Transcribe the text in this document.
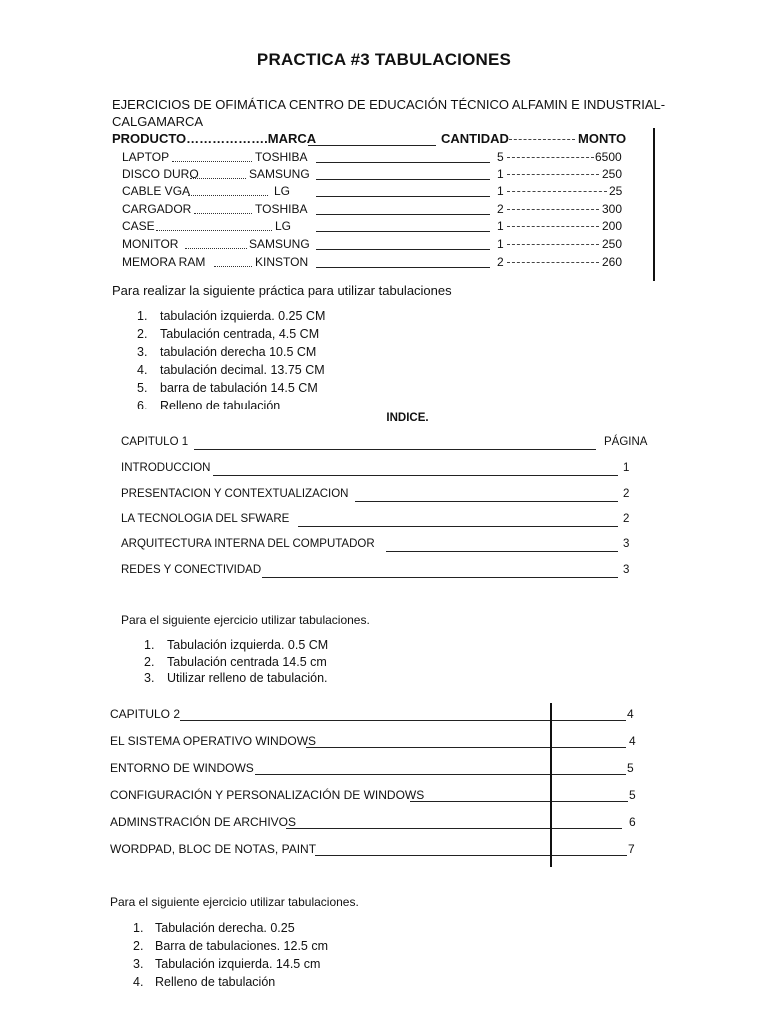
PRACTICA #3 TABULACIONES
EJERCICIOS DE OFIMÁTICA CENTRO DE EDUCACIÓN TÉCNICO ALFAMIN E INDUSTRIAL-
CALGAMARCA
PRODUCTO……………….MARCA	CANTIDAD	MONTO
LAPTOP	TOSHIBA	5	6500
DISCO DURO	SAMSUNG	1	250
CABLE VGA	LG	1	25
CARGADOR	TOSHIBA	2	300
CASE	LG	1	200
MONITOR	SAMSUNG	1	250
MEMORA RAM	KINSTON	2	260
Para realizar la siguiente práctica para utilizar tabulaciones
1. tabulación izquierda. 0.25 CM
2. Tabulación centrada, 4.5 CM
3. tabulación derecha 10.5 CM
4. tabulación decimal. 13.75 CM
5. barra de tabulación 14.5 CM
6. Relleno de tabulación
INDICE.
CAPITULO 1	PÁGINA
INTRODUCCION	1
PRESENTACION Y CONTEXTUALIZACION	2
LA TECNOLOGIA DEL SFWARE	2
ARQUITECTURA INTERNA DEL COMPUTADOR	3
REDES Y CONECTIVIDAD	3
Para el siguiente ejercicio utilizar tabulaciones.
1. Tabulación izquierda. 0.5 CM
2. Tabulación centrada 14.5 cm
3. Utilizar relleno de tabulación.
CAPITULO 2	4
EL SISTEMA OPERATIVO WINDOWS	4
ENTORNO DE WINDOWS	5
CONFIGURACIÓN Y PERSONALIZACIÓN DE WINDOWS	5
ADMINSTRACIÓN DE ARCHIVOS	6
WORDPAD, BLOC DE NOTAS, PAINT	7
Para el siguiente ejercicio utilizar tabulaciones.
1. Tabulación derecha. 0.25
2. Barra de tabulaciones. 12.5 cm
3. Tabulación izquierda. 14.5 cm
4. Relleno de tabulación
